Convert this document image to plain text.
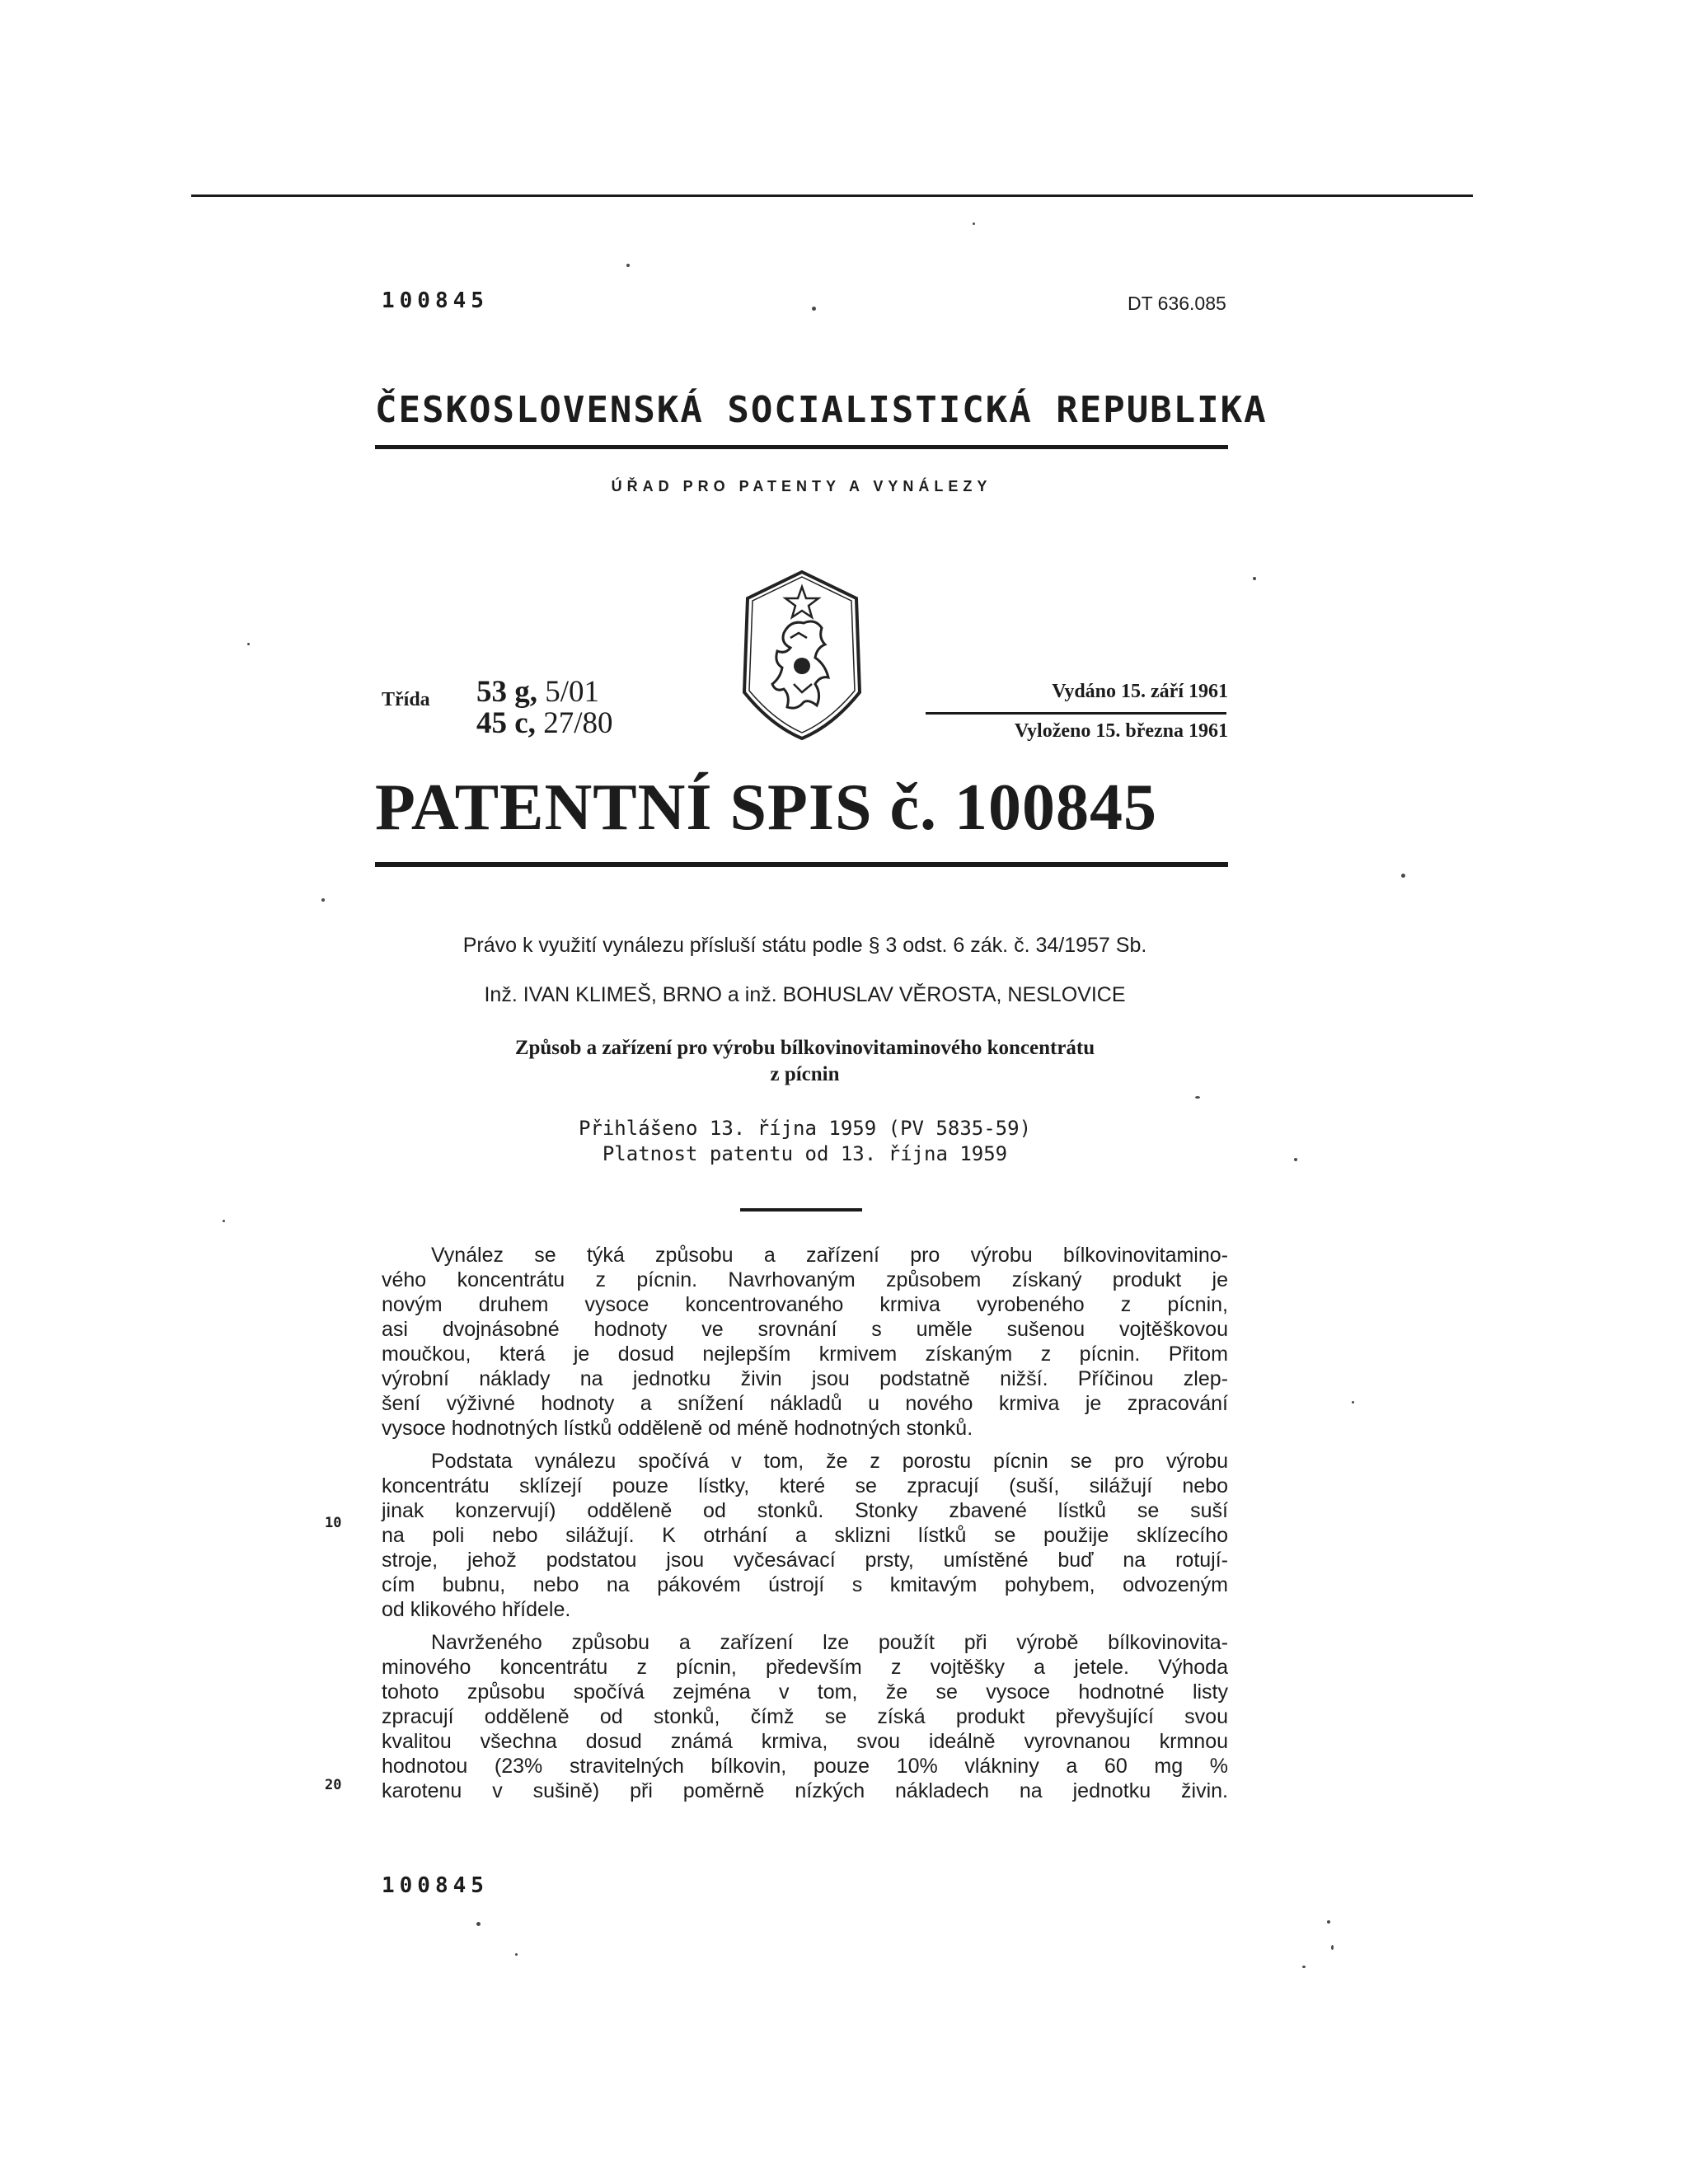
100845	DT 636.085
ČESKOSLOVENSKÁ SOCIALISTICKÁ REPUBLIKA
ÚŘAD PRO PATENTY A VYNÁLEZY
Třída 53 g, 5/01
45 c, 27/80
Vydáno 15. září 1961
Vyloženo 15. března 1961
PATENTNÍ SPIS č. 100845
Právo k využití vynálezu přísluší státu podle § 3 odst. 6 zák. č. 34/1957 Sb.
Inž. IVAN KLIMEŠ, BRNO a inž. BOHUSLAV VĚROSTA, NESLOVICE
Způsob a zařízení pro výrobu bílkovinovitaminového koncentrátu
z pícnin
Přihlášeno 13. října 1959 (PV 5835-59)
Platnost patentu od 13. října 1959
Vynález se týká způsobu a zařízení pro výrobu bílkovinovitamino-
vého koncentrátu z pícnin. Navrhovaným způsobem získaný produkt je
novým druhem vysoce koncentrovaného krmiva vyrobeného z pícnin,
asi dvojnásobné hodnoty ve srovnání s uměle sušenou vojtěškovou
moučkou, která je dosud nejlepším krmivem získaným z pícnin. Přitom
výrobní náklady na jednotku živin jsou podstatně nižší. Příčinou zlep-
šení výživné hodnoty a snížení nákladů u nového krmiva je zpracování
vysoce hodnotných lístků odděleně od méně hodnotných stonků.
Podstata vynálezu spočívá v tom, že z porostu pícnin se pro výrobu
koncentrátu sklízejí pouze lístky, které se zpracují (suší, silážují nebo
jinak konzervují) odděleně od stonků. Stonky zbavené lístků se suší
na poli nebo silážují. K otrhání a sklizni lístků se použije sklízecího
stroje, jehož podstatou jsou vyčesávací prsty, umístěné buď na rotují-
cím bubnu, nebo na pákovém ústrojí s kmitavým pohybem, odvozeným
od klikového hřídele.
Navrženého způsobu a zařízení lze použít při výrobě bílkovinovita-
minového koncentrátu z pícnin, především z vojtěšky a jetele. Výhoda
tohoto způsobu spočívá zejména v tom, že se vysoce hodnotné listy
zpracují odděleně od stonků, čímž se získá produkt převyšující svou
kvalitou všechna dosud známá krmiva, svou ideálně vyrovnanou krmnou
hodnotou (23% stravitelných bílkovin, pouze 10% vlákniny a 60 mg %
karotenu v sušině) při poměrně nízkých nákladech na jednotku živin.
10
20
100845
